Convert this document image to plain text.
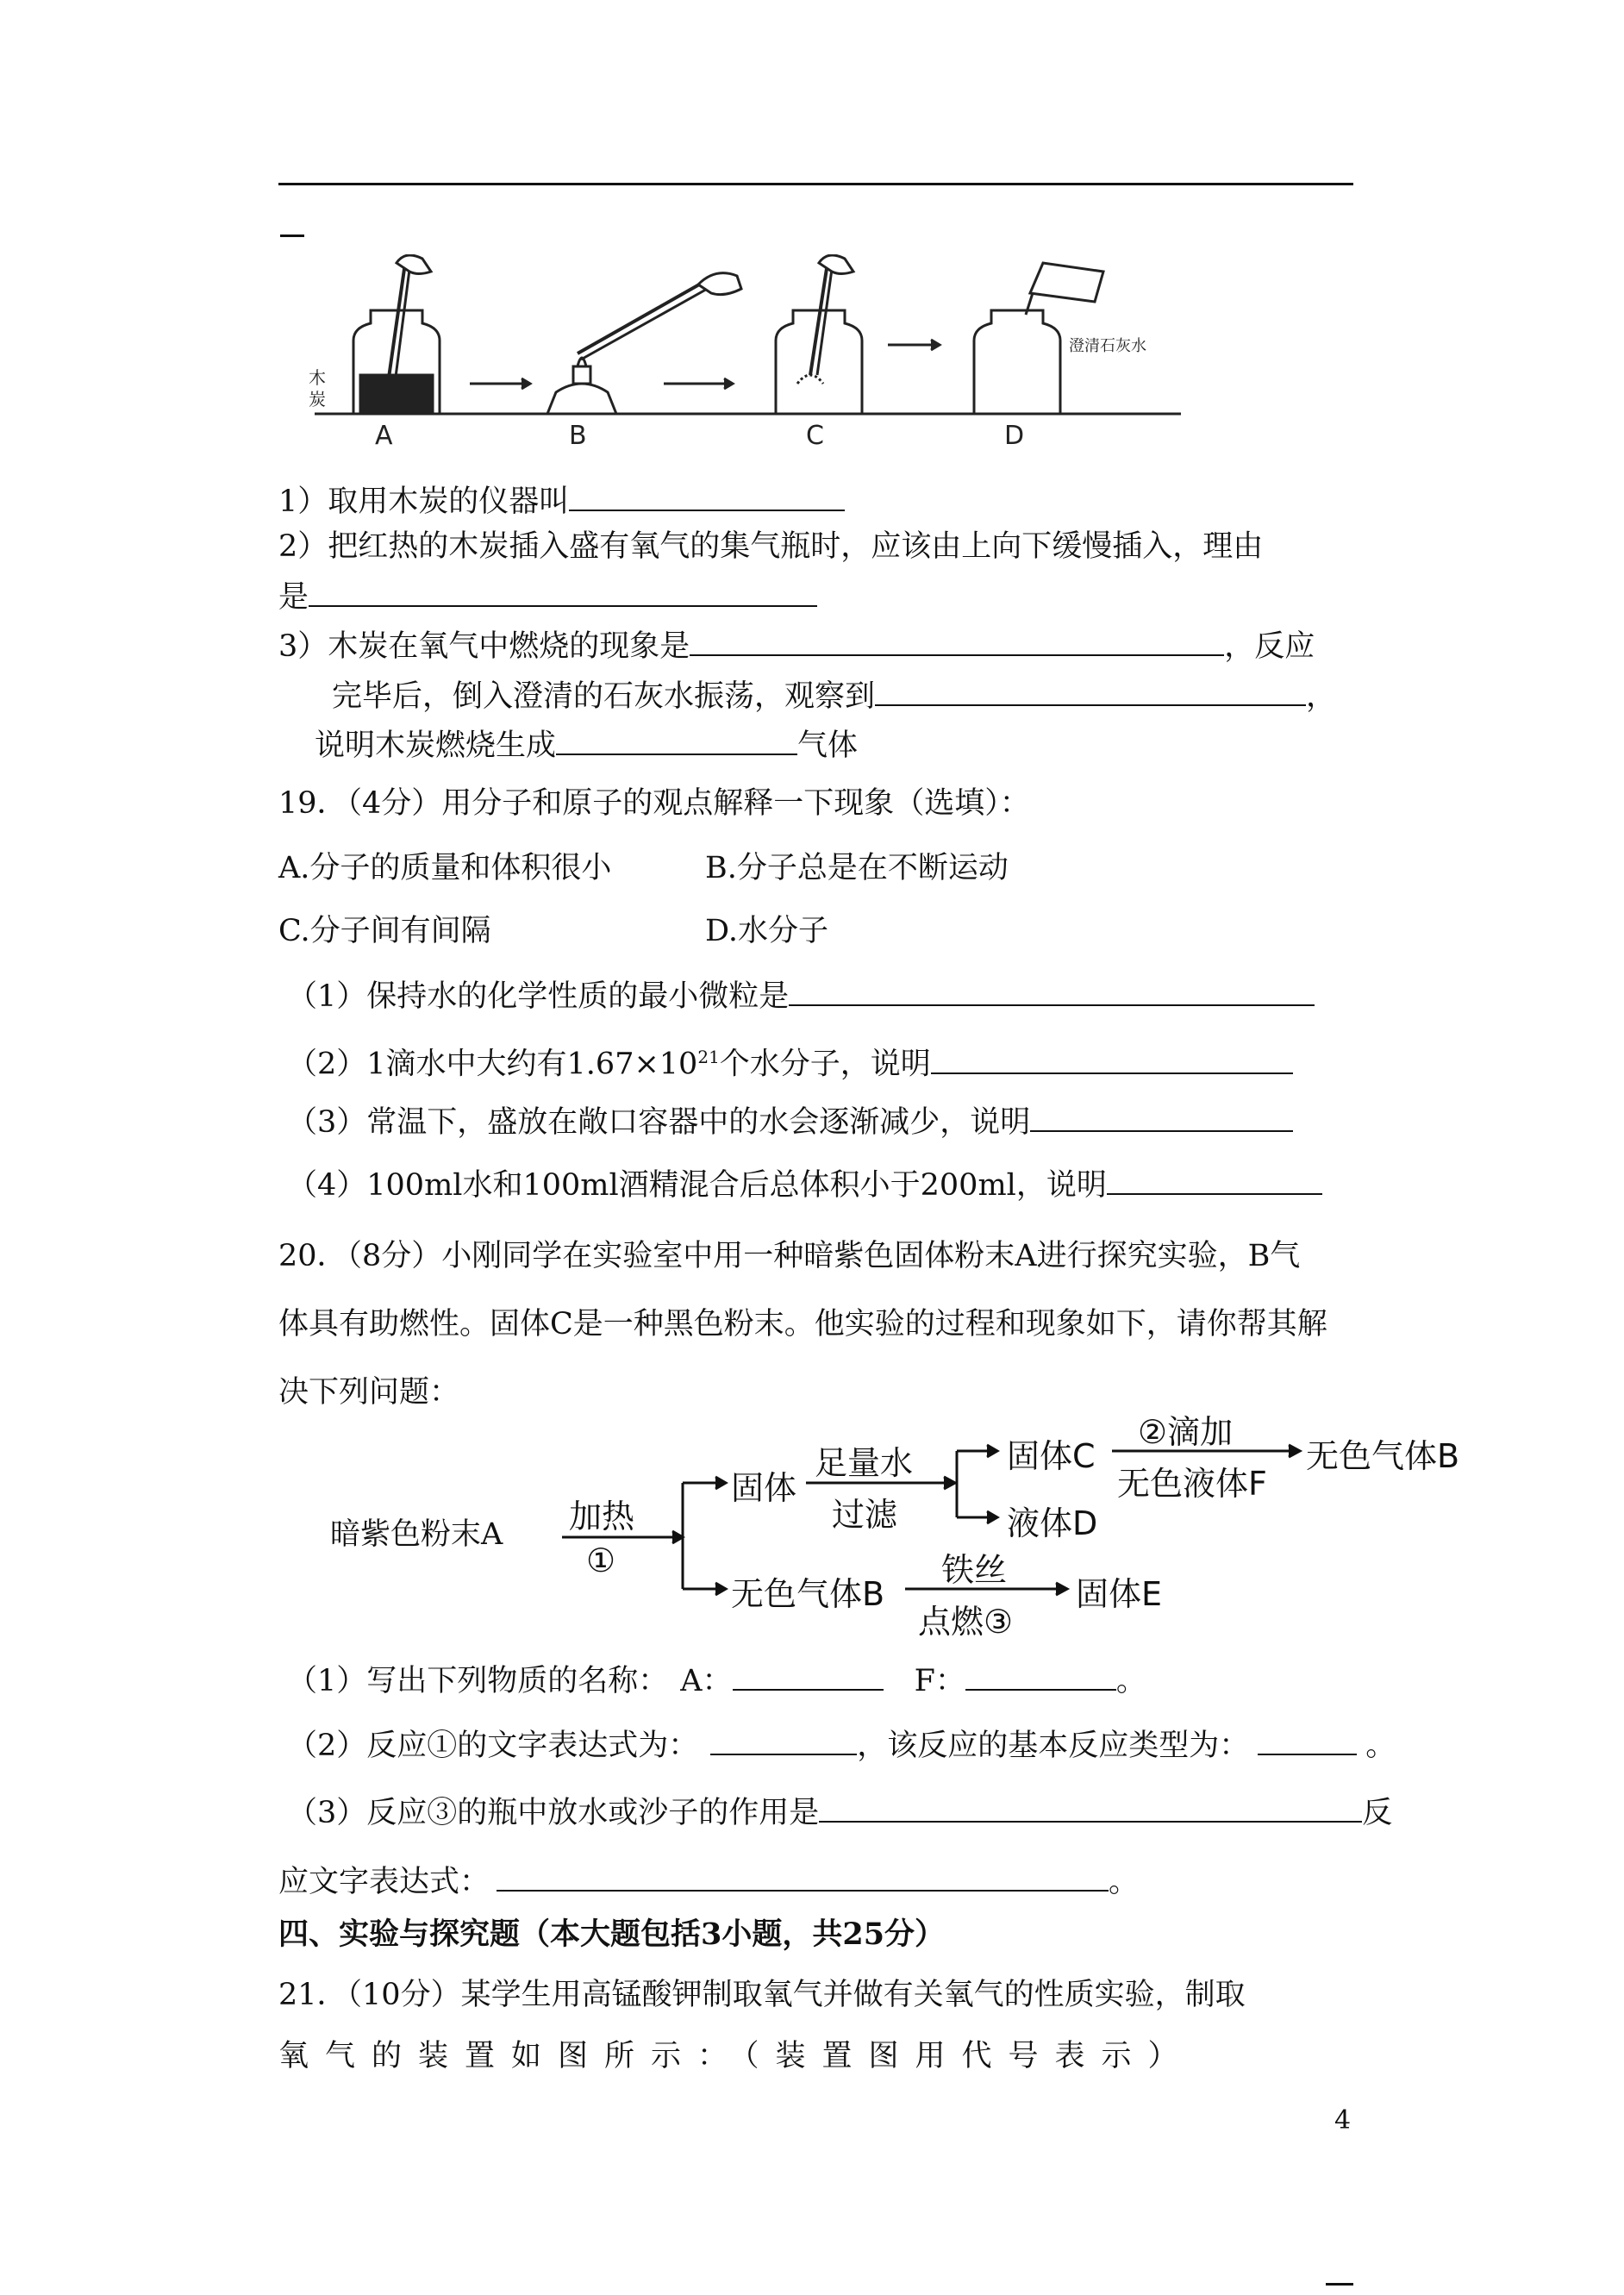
木
炭
A	B	C	D
澄清石灰水
1）取用木炭的仪器叫
2）把红热的木炭插入盛有氧气的集气瓶时，应该由上向下缓慢插入，理由
是
3）木炭在氧气中燃烧的现象是	，反应
完毕后，倒入澄清的石灰水振荡，观察到	，
说明木炭燃烧生成	气体
19．（4分）用分子和原子的观点解释一下现象（选填）：
A.分子的质量和体积很小	B.分子总是在不断运动
C.分子间有间隔	D.水分子
（1）保持水的化学性质的最小微粒是
（2）1滴水中大约有$1.67\times 10^{21}$个水分子，说明
（3）常温下，盛放在敞口容器中的水会逐渐减少，说明
（4）100ml水和100ml酒精混合后总体积小于200ml，说明
20．（8分）小刚同学在实验室中用一种暗紫色固体粉末A进行探究实验，B气
体具有助燃性。固体C是一种黑色粉末。他实验的过程和现象如下，请你帮其解
决下列问题：
暗紫色粉末A 加热
①
固体
足量水
过滤
固体C
液体D
②滴加
无色液体F
无色气体B
无色气体B
铁丝
点燃③
固体E
（1）写出下列物质的名称： A：	F：	。
（2）反应①的文字表达式为：	，该反应的基本反应类型为：	。
（3）反应③的瓶中放水或沙子的作用是	反
应文字表达式：	。
四、实验与探究题（本大题包括3小题，共25分）
21．（10分）某学生用高锰酸钾制取氧气并做有关氧气的性质实验，制取
氧气的装置如图所示：（装置图用代号表示）
4
